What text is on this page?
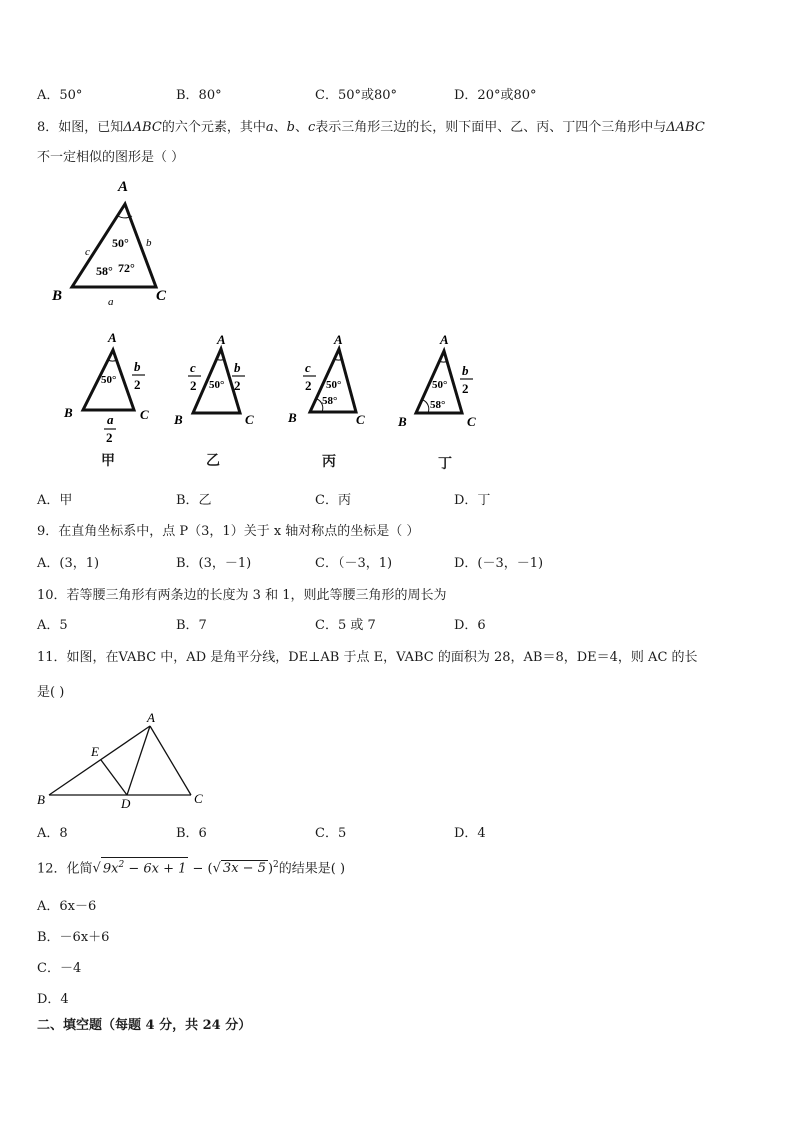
A．50°	B．80°	C．50°或80°	D．20°或80°
8．如图，已知ΔABC的六个元素，其中a、b、c表示三角形三边的长，则下面甲、乙、丙、丁四个三角形中与ΔABC
不一定相似的图形是（ ）
A
B	C
c
b
a
50°
58° 72°
A
B	C
50°
b
2
a
2
甲
A
B	C
50°
c
2
b
2
乙
A
B	C
50°
58°
c
2
丙
A
B	C
50°
58°
b
2
丁
A．甲	B．乙	C．丙	D．丁
9．在直角坐标系中，点 P（3，1）关于 x 轴对称点的坐标是（ ）
A．(3，1)	B．(3，－1)	C．（－3，1)	D．(－3，－1)
10．若等腰三角形有两条边的长度为 3 和 1，则此等腰三角形的周长为
A．5	B．7	C．5 或 7	D．6
11．如图，在VABC 中，AD 是角平分线，DE⊥AB 于点 E，VABC 的面积为 28，AB＝8，DE＝4，则 AC 的长
是( )
A
B	C
D
E
A．8	B．6	C．5	D．4
12．化简√ $9x^2 - 6x + 1$ − (√ 3x − 5 )$^2$的结果是( )
A．6x－6
B．－6x＋6
C．－4
D．4
二、填空题（每题 4 分，共 24 分）
